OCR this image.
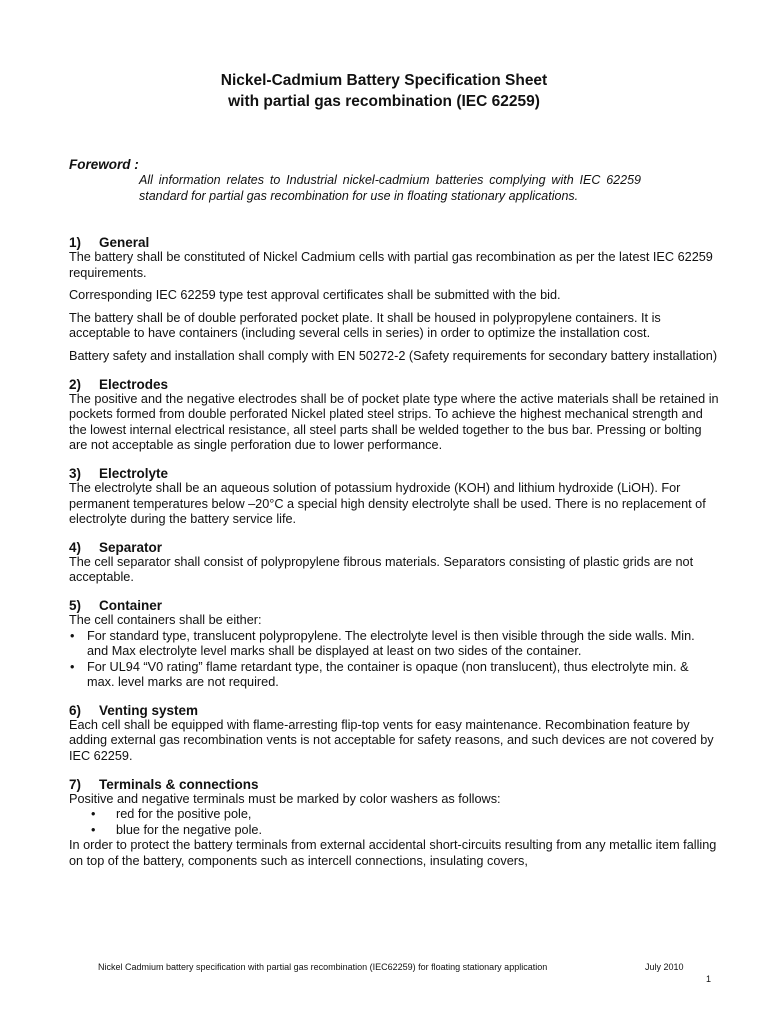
Nickel-Cadmium Battery Specification Sheet
with partial gas recombination (IEC 62259)
Foreword :
All information relates to Industrial nickel-cadmium batteries complying with IEC 62259 standard for partial gas recombination for use in floating stationary applications.
1) General

The battery shall be constituted of Nickel Cadmium cells with partial gas recombination as per the latest IEC 62259 requirements.

Corresponding IEC 62259 type test approval certificates shall be submitted with the bid.

The battery shall be of double perforated pocket plate. It shall be housed in polypropylene containers. It is acceptable to have containers (including several cells in series) in order to optimize the installation cost.

Battery safety and installation shall comply with EN 50272-2 (Safety requirements for secondary battery installation)

2) Electrodes

The positive and the negative electrodes shall be of pocket plate type where the active materials shall be retained in pockets formed from double perforated Nickel plated steel strips. To achieve the highest mechanical strength and the lowest internal electrical resistance, all steel parts shall be welded together to the bus bar. Pressing or bolting are not acceptable as single perforation due to lower performance.

3) Electrolyte

The electrolyte shall be an aqueous solution of potassium hydroxide (KOH) and lithium hydroxide (LiOH). For permanent temperatures below –20°C a special high density electrolyte shall be used. There is no replacement of electrolyte during the battery service life.

4) Separator

The cell separator shall consist of polypropylene fibrous materials. Separators consisting of plastic grids are not acceptable.

5) Container

The cell containers shall be either:

• For standard type, translucent polypropylene. The electrolyte level is then visible through the side walls. Min. and Max electrolyte level marks shall be displayed at least on two sides of the container.
• For UL94 “V0 rating” flame retardant type, the container is opaque (non translucent), thus electrolyte min. & max. level marks are not required.
6) Venting system

Each cell shall be equipped with flame-arresting flip-top vents for easy maintenance. Recombination feature by adding external gas recombination vents is not acceptable for safety reasons, and such devices are not covered by IEC 62259.

7) Terminals & connections

Positive and negative terminals must be marked by color washers as follows:

• red for the positive pole,
• blue for the negative pole.

In order to protect the battery terminals from external accidental short-circuits resulting from any metallic item falling on top of the battery, components such as intercell connections, insulating covers,

Nickel Cadmium battery specification with partial gas recombination (IEC62259) for floating stationary application	July 2010
1
